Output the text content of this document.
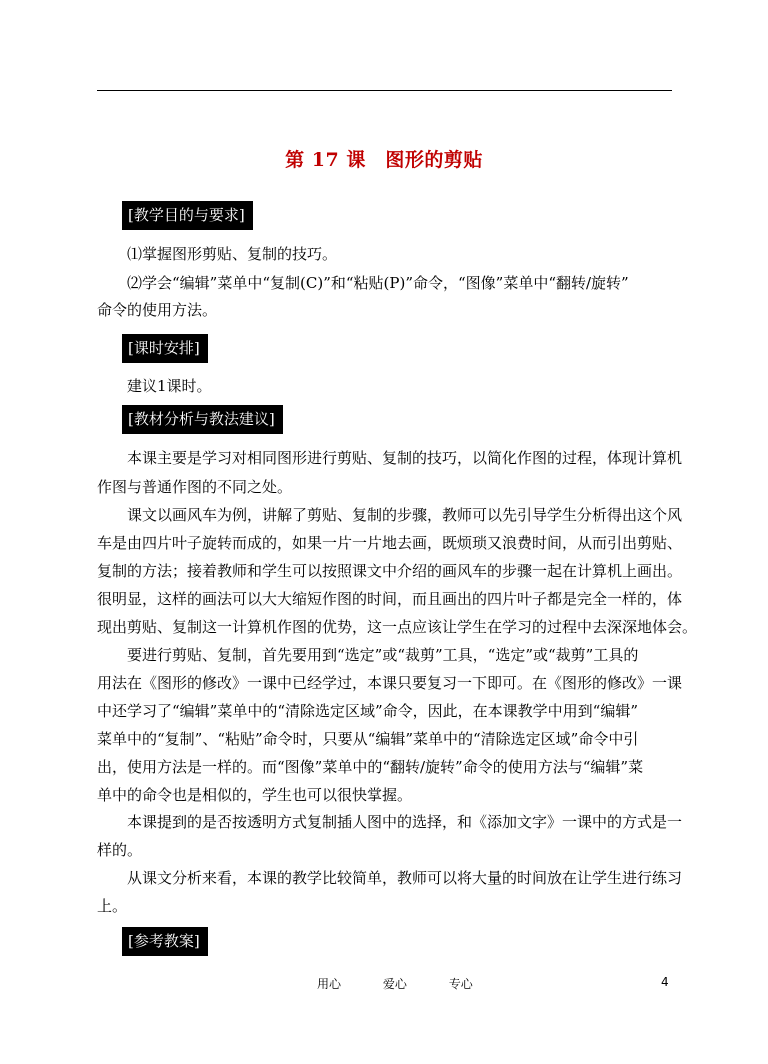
第 17 课　图形的剪贴
[教学目的与要求]
⑴掌握图形剪贴、复制的技巧。
⑵学会“编辑”菜单中“复制(C)”和“粘贴(P)”命令，“图像”菜单中“翻转/旋转”
命令的使用方法。
[课时安排]
建议1课时。
[教材分析与教法建议]
本课主要是学习对相同图形进行剪贴、复制的技巧，以简化作图的过程，体现计算机
作图与普通作图的不同之处。
课文以画风车为例，讲解了剪贴、复制的步骤，教师可以先引导学生分析得出这个风
车是由四片叶子旋转而成的，如果一片一片地去画，既烦琐又浪费时间，从而引出剪贴、
复制的方法；接着教师和学生可以按照课文中介绍的画风车的步骤一起在计算机上画出。
很明显，这样的画法可以大大缩短作图的时间，而且画出的四片叶子都是完全一样的，体
现出剪贴、复制这一计算机作图的优势，这一点应该让学生在学习的过程中去深深地体会。
要进行剪贴、复制，首先要用到“选定”或“裁剪”工具，“选定”或“裁剪”工具的
用法在《图形的修改》一课中已经学过，本课只要复习一下即可。在《图形的修改》一课
中还学习了“编辑”菜单中的“清除选定区域”命令，因此，在本课教学中用到“编辑”
菜单中的“复制”、“粘贴”命令时，只要从“编辑”菜单中的“清除选定区域”命令中引
出，使用方法是一样的。而“图像”菜单中的“翻转/旋转”命令的使用方法与“编辑”菜
单中的命令也是相似的，学生也可以很快掌握。
本课提到的是否按透明方式复制插人图中的选择，和《添加文字》一课中的方式是一
样的。
从课文分析来看，本课的教学比较简单，教师可以将大量的时间放在让学生进行练习
上。
[参考教案]
用心	爱心	专心	4
